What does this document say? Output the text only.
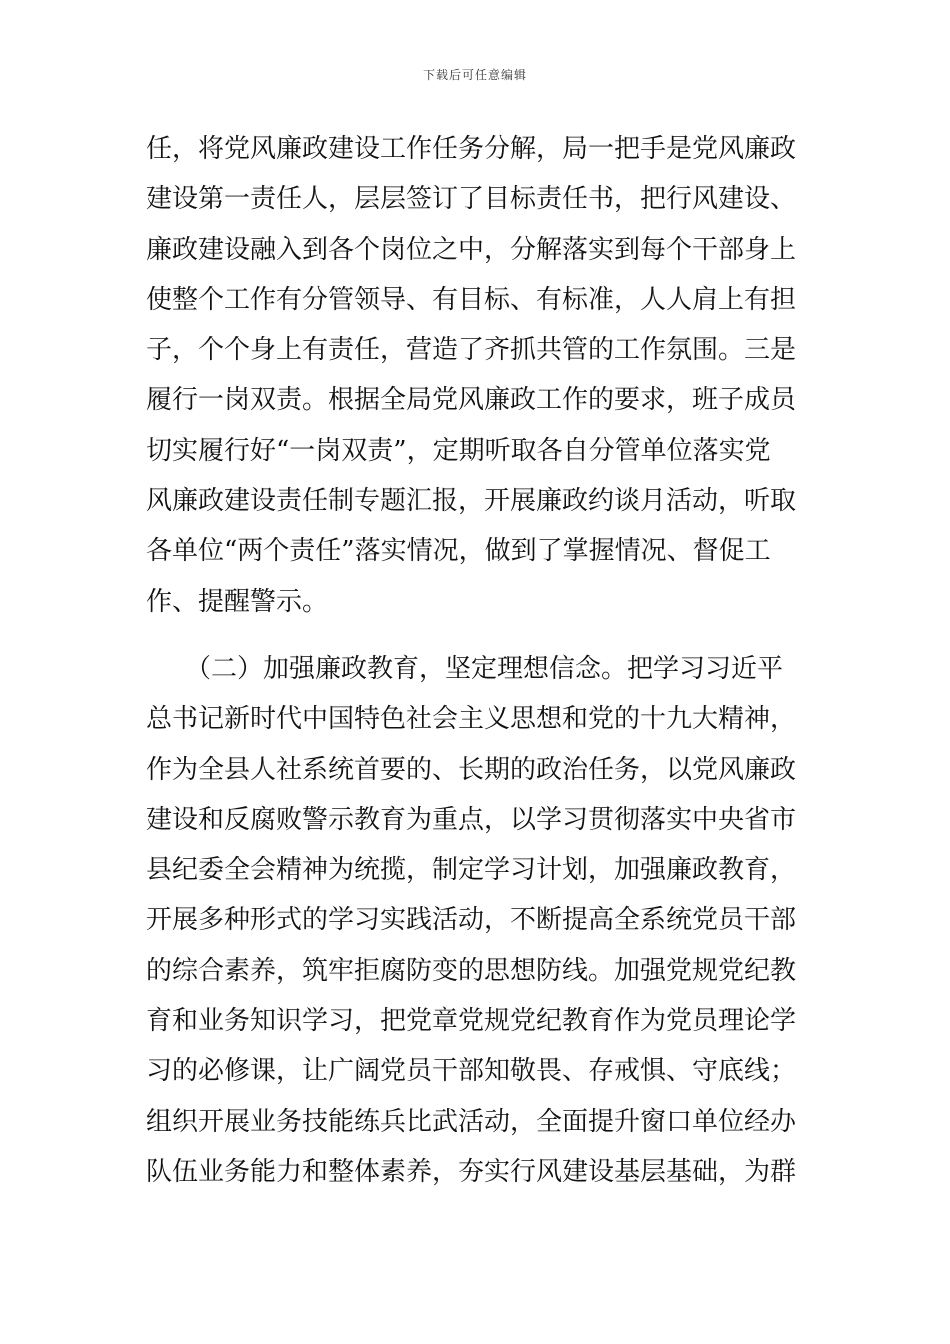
下载后可任意编辑
任，将党风廉政建设工作任务分解，局一把手是党风廉政
建设第一责任人，层层签订了目标责任书，把行风建设、
廉政建设融入到各个岗位之中，分解落实到每个干部身上
使整个工作有分管领导、有目标、有标准，人人肩上有担
子，个个身上有责任，营造了齐抓共管的工作氛围。三是
履行一岗双责。根据全局党风廉政工作的要求，班子成员
切实履行好“一岗双责”，定期听取各自分管单位落实党
风廉政建设责任制专题汇报，开展廉政约谈月活动，听取
各单位“两个责任”落实情况，做到了掌握情况、督促工
作、提醒警示。
　　（二）加强廉政教育，坚定理想信念。把学习习近平
总书记新时代中国特色社会主义思想和党的十九大精神，
作为全县人社系统首要的、长期的政治任务，以党风廉政
建设和反腐败警示教育为重点，以学习贯彻落实中央省市
县纪委全会精神为统揽，制定学习计划，加强廉政教育，
开展多种形式的学习实践活动，不断提高全系统党员干部
的综合素养，筑牢拒腐防变的思想防线。加强党规党纪教
育和业务知识学习，把党章党规党纪教育作为党员理论学
习的必修课，让广阔党员干部知敬畏、存戒惧、守底线；
组织开展业务技能练兵比武活动，全面提升窗口单位经办
队伍业务能力和整体素养，夯实行风建设基层基础，为群
